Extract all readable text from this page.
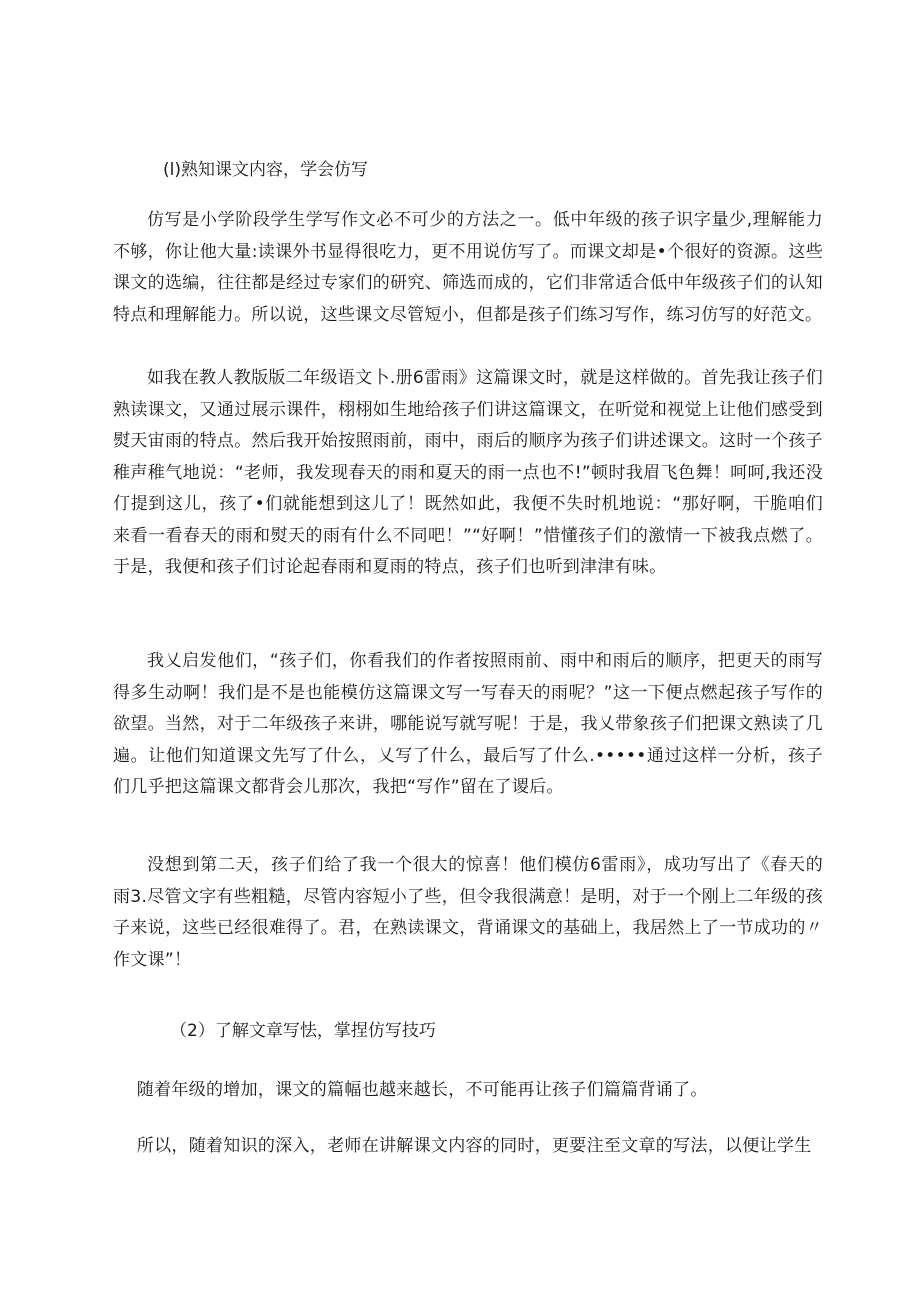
(l)熟知课文内容，学会仿写

仿写是小学阶段学生学写作文必不可少的方法之一。低中年级的孩子识字量少,理解能力不够，你让他大量:读课外书显得很吃力，更不用说仿写了。而课文却是•个很好的资源。这些课文的选编，往往都是经过专家们的研究、筛选而成的，它们非常适合低中年级孩子们的认知特点和理解能力。所以说，这些课文尽管短小，但都是孩子们练习写作，练习仿写的好范文。

如我在教人教版版二年级语文卜.册6雷雨》这篇课文时，就是这样做的。首先我让孩子们熟读课文，又通过展示课件，栩栩如生地给孩子们讲这篇课文，在听觉和视觉上让他们感受到熨天宙雨的特点。然后我开始按照雨前，雨中，雨后的顺序为孩子们讲述课文。这时一个孩子稚声稚气地说：“老师，我发现春天的雨和夏天的雨一点也不!”顿时我眉飞色舞！呵呵,我还没仃提到这儿，孩了•们就能想到这儿了！既然如此，我便不失时机地说：“那好啊，干脆咱们来看一看春天的雨和熨天的雨有什么不同吧！”“好啊！”惜懂孩子们的激情一下被我点燃了。于是，我便和孩子们讨论起春雨和夏雨的特点，孩子们也听到津津有味。

我乂启发他们，“孩子们，你看我们的作者按照雨前、雨中和雨后的顺序，把更天的雨写得多生动啊！我们是不是也能模仿这篇课文写一写春天的雨呢？”这一下便点燃起孩子写作的欲望。当然，对于二年级孩子来讲，哪能说写就写呢！于是，我乂带象孩子们把课文熟读了几遍。让他们知道课文先写了什么，乂写了什么，最后写了什么.•••••通过这样一分析，孩子们几乎把这篇课文都背会儿那次，我把“写作”留在了谡后。

没想到第二天，孩子们给了我一个很大的惊喜！他们模仿6雷雨》，成功写出了《春天的雨3.尽管文字有些粗糙，尽管内容短小了些，但令我很满意！是明，对于一个刚上二年级的孩子来说，这些已经很难得了。君，在熟读课文，背诵课文的基础上，我居然上了一节成功的〃作文课”！

（2）了解文章写怯，掌捏仿写技巧

随着年级的增加，课文的篇幅也越来越长，不可能再让孩子们篇篇背诵了。

所以，随着知识的深入，老师在讲解课文内容的同时，更要注至文章的写法，以便让学生
